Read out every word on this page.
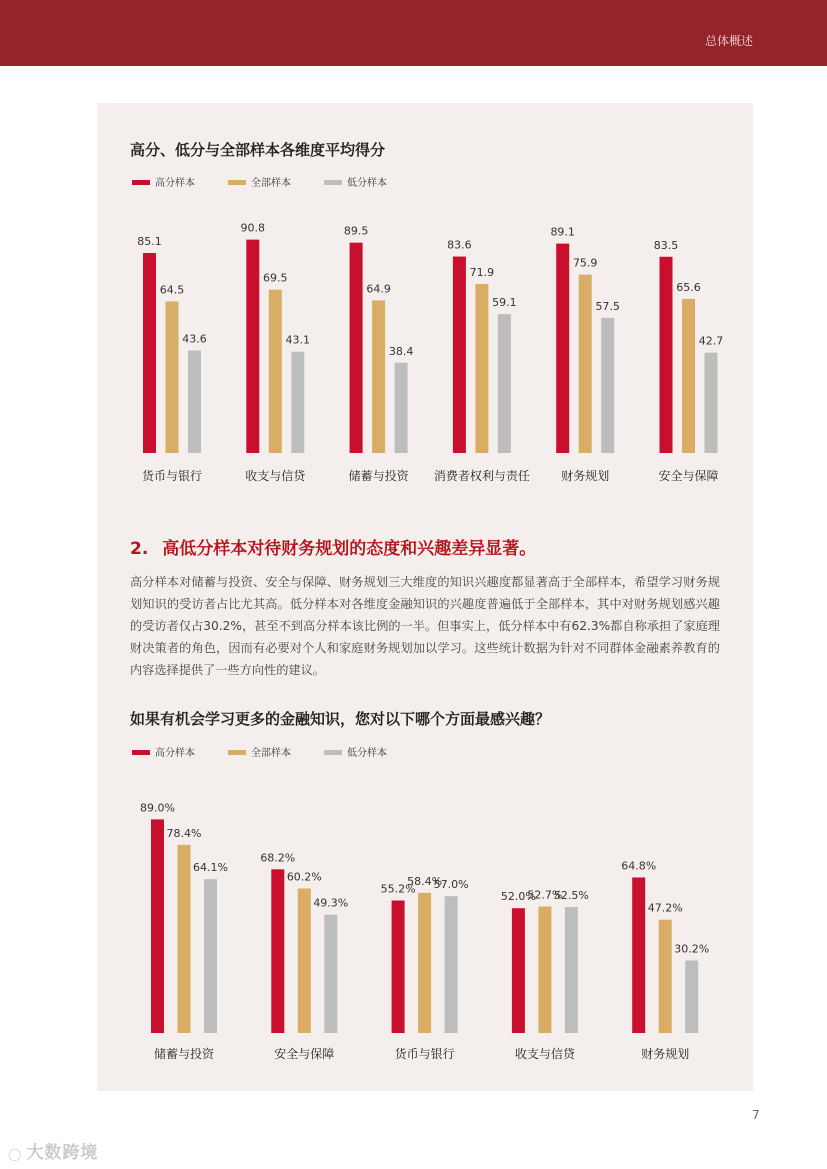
总体概述
高分、低分与全部样本各维度平均得分
高分样本	全部样本	低分样本
85.1
64.5
43.6
货币与银行
90.8
69.5
43.1
收支与信贷
89.5
64.9
38.4
储蓄与投资
83.6
71.9
59.1
消费者权利与责任
89.1
75.9
57.5
财务规划
83.5
65.6
42.7
安全与保障
2. 高低分样本对待财务规划的态度和兴趣差异显著。
高分样本对储蓄与投资、安全与保障、财务规划三大维度的知识兴趣度都显著高于全部样本，希望学习财务规划知识的受访者占比尤其高。低分样本对各维度金融知识的兴趣度普遍低于全部样本，其中对财务规划感兴趣的受访者仅占30.2%，甚至不到高分样本该比例的一半。但事实上，低分样本中有62.3%都自称承担了家庭理财决策者的角色，因而有必要对个人和家庭财务规划加以学习。这些统计数据为针对不同群体金融素养教育的内容选择提供了一些方向性的建议。
如果有机会学习更多的金融知识，您对以下哪个方面最感兴趣？
高分样本	全部样本	低分样本
89.0%
78.4%
64.1%
储蓄与投资
68.2%
60.2%
49.3%
安全与保障
55.2%
58.4%
57.0%
货币与银行
52.0%
52.7%
52.5%
收支与信贷
64.8%
47.2%
30.2%
财务规划
7
◯ 大数跨境
